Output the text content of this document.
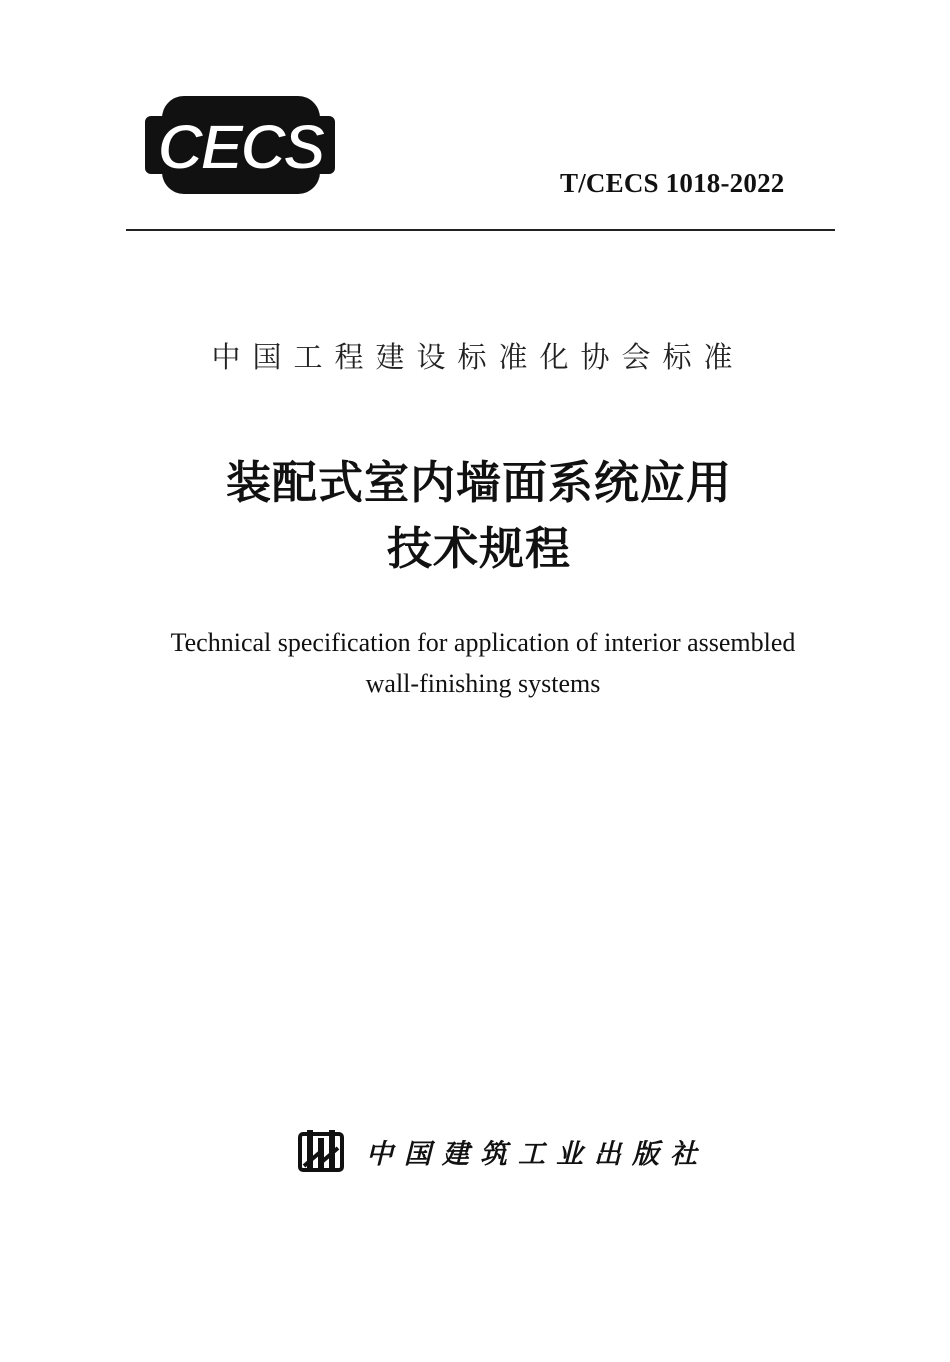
CECS	T/CECS 1018-2022
中国工程建设标准化协会标准
装配式室内墙面系统应用
技术规程
Technical specification for application of interior assembled
wall-finishing systems
中国建筑工业出版社
